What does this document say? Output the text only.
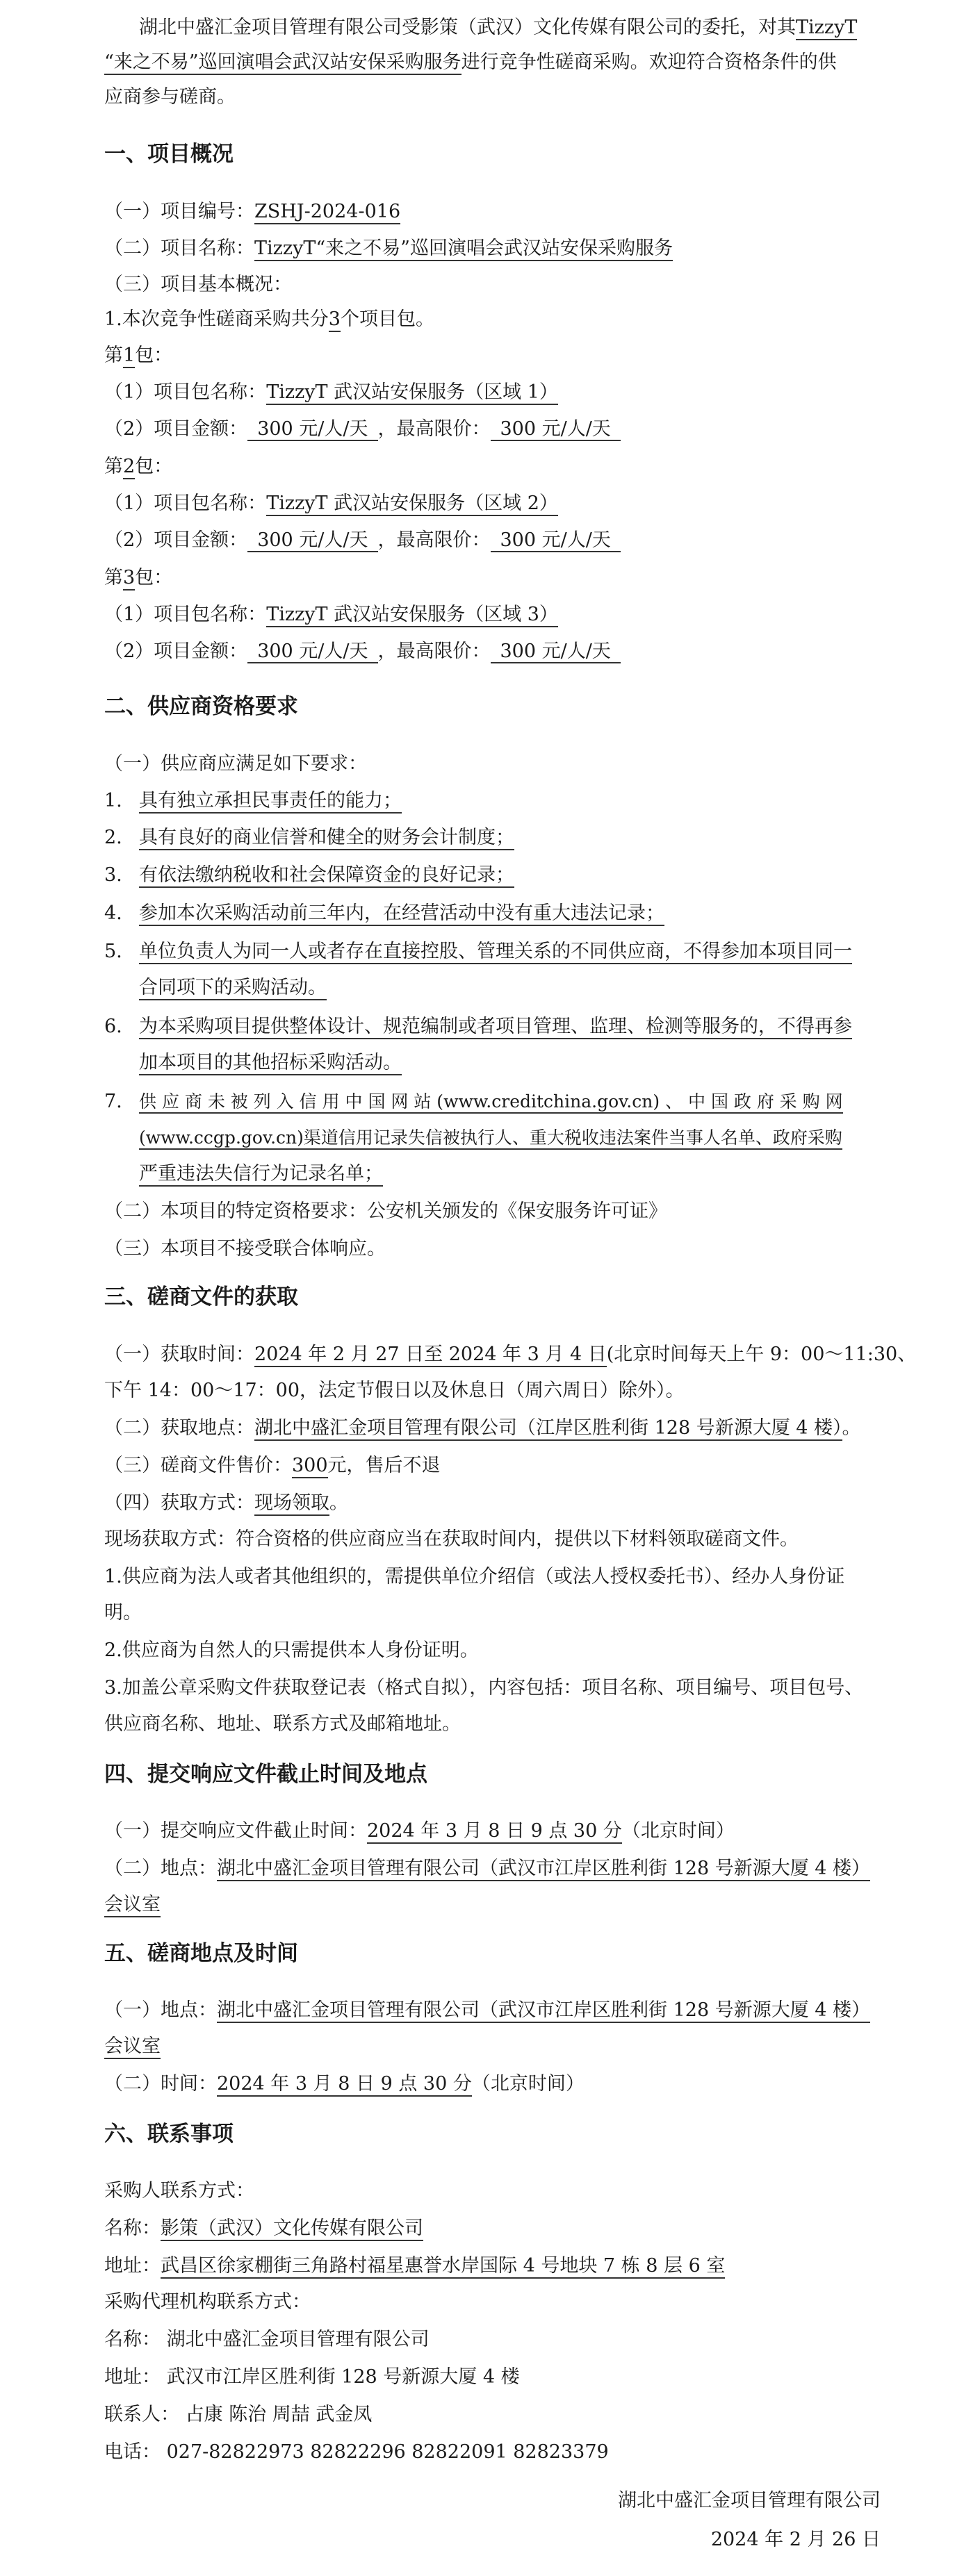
湖北中盛汇金项目管理有限公司受影策（武汉）文化传媒有限公司的委托，对其TizzyT
“来之不易”巡回演唱会武汉站安保采购服务进行竞争性磋商采购。欢迎符合资格条件的供
应商参与磋商。
一、项目概况
（一）项目编号：ZSHJ-2024-016
（二）项目名称：TizzyT“来之不易”巡回演唱会武汉站安保采购服务
（三）项目基本概况：
1.本次竞争性磋商采购共分3个项目包。
第1包：
（1）项目包名称：TizzyT 武汉站安保服务（区域 1）
（2）项目金额： 300 元/人/天 ，最高限价： 300 元/人/天
第2包：
（1）项目包名称：TizzyT 武汉站安保服务（区域 2）
（2）项目金额： 300 元/人/天 ，最高限价： 300 元/人/天
第3包：
（1）项目包名称：TizzyT 武汉站安保服务（区域 3）
（2）项目金额： 300 元/人/天 ，最高限价： 300 元/人/天
二、供应商资格要求
（一）供应商应满足如下要求：
1. 具有独立承担民事责任的能力；
2. 具有良好的商业信誉和健全的财务会计制度；
3. 有依法缴纳税收和社会保障资金的良好记录；
4. 参加本次采购活动前三年内，在经营活动中没有重大违法记录；
5. 单位负责人为同一人或者存在直接控股、管理关系的不同供应商，不得参加本项目同一
合同项下的采购活动。
6. 为本采购项目提供整体设计、规范编制或者项目管理、监理、检测等服务的，不得再参
加本项目的其他招标采购活动。
7. 供 应 商 未 被 列 入 信 用 中 国 网 站 (www.creditchina.gov.cn) 、 中 国 政 府 采 购 网
(www.ccgp.gov.cn)渠道信用记录失信被执行人、重大税收违法案件当事人名单、政府采购
严重违法失信行为记录名单；
（二）本项目的特定资格要求：公安机关颁发的《保安服务许可证》
（三）本项目不接受联合体响应。
三、磋商文件的获取
（一）获取时间：2024 年 2 月 27 日至 2024 年 3 月 4 日(北京时间每天上午 9：00～11:30、
下午 14：00～17：00，法定节假日以及休息日（周六周日）除外）。
（二）获取地点：湖北中盛汇金项目管理有限公司（江岸区胜利街 128 号新源大厦 4 楼）。
（三）磋商文件售价：300元，售后不退
（四）获取方式：现场领取。
现场获取方式：符合资格的供应商应当在获取时间内，提供以下材料领取磋商文件。
1.供应商为法人或者其他组织的，需提供单位介绍信（或法人授权委托书）、经办人身份证
明。
2.供应商为自然人的只需提供本人身份证明。
3.加盖公章采购文件获取登记表（格式自拟），内容包括：项目名称、项目编号、项目包号、
供应商名称、地址、联系方式及邮箱地址。
四、提交响应文件截止时间及地点
（一）提交响应文件截止时间：2024 年 3 月 8 日 9 点 30 分（北京时间）
（二）地点：湖北中盛汇金项目管理有限公司（武汉市江岸区胜利街 128 号新源大厦 4 楼）
会议室
五、磋商地点及时间
（一）地点：湖北中盛汇金项目管理有限公司（武汉市江岸区胜利街 128 号新源大厦 4 楼）
会议室
（二）时间：2024 年 3 月 8 日 9 点 30 分（北京时间）
六、联系事项
采购人联系方式：
名称：影策（武汉）文化传媒有限公司
地址：武昌区徐家棚街三角路村福星惠誉水岸国际 4 号地块 7 栋 8 层 6 室
采购代理机构联系方式：
名称： 湖北中盛汇金项目管理有限公司
地址： 武汉市江岸区胜利街 128 号新源大厦 4 楼
联系人： 占康 陈治 周喆 武金凤
电话： 027-82822973 82822296 82822091 82823379
湖北中盛汇金项目管理有限公司
2024 年 2 月 26 日
